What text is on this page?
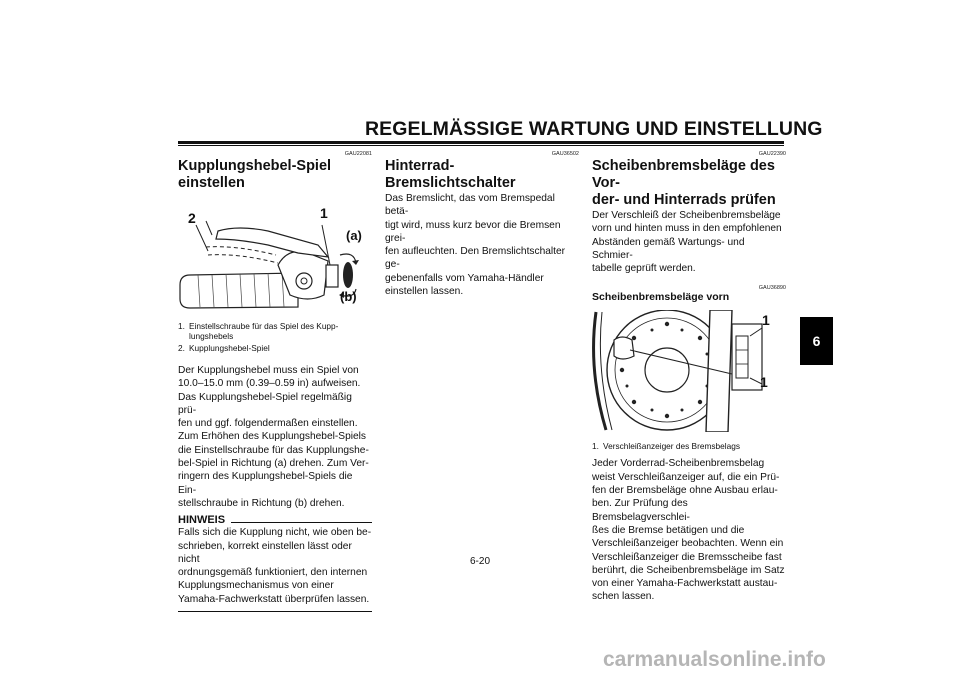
REGELMÄSSIGE WARTUNG UND EINSTELLUNG
6
GAU22081
Kupplungshebel-Spiel einstellen
2	1
(a)
(b)
1. Einstellschraube für das Spiel des Kupp-
lungshebels
2. Kupplungshebel-Spiel

Der Kupplungshebel muss ein Spiel von

10.0–15.0 mm (0.39–0.59 in) aufweisen.

Das Kupplungshebel-Spiel regelmäßig prü-

fen und ggf. folgendermaßen einstellen.

Zum Erhöhen des Kupplungshebel-Spiels

die Einstellschraube für das Kupplungshe-

bel-Spiel in Richtung (a) drehen. Zum Ver-

ringern des Kupplungshebel-Spiels die Ein-

stellschraube in Richtung (b) drehen.

HINWEIS

Falls sich die Kupplung nicht, wie oben be-

schrieben, korrekt einstellen lässt oder nicht

ordnungsgemäß funktioniert, den internen

Kupplungsmechanismus von einer

Yamaha-Fachwerkstatt überprüfen lassen.

GAU36502
Hinterrad-Bremslichtschalter

Das Bremslicht, das vom Bremspedal betä-

tigt wird, muss kurz bevor die Bremsen grei-

fen aufleuchten. Den Bremslichtschalter ge-

gebenenfalls vom Yamaha-Händler

einstellen lassen.

GAU22390
Scheibenbremsbeläge des Vor-
der- und Hinterrads prüfen

Der Verschleiß der Scheibenbremsbeläge

vorn und hinten muss in den empfohlenen

Abständen gemäß Wartungs- und Schmier-

tabelle geprüft werden.

GAU36890
Scheibenbremsbeläge vorn
1
1
1. Verschleißanzeiger des Bremsbelags

Jeder Vorderrad-Scheibenbremsbelag

weist Verschleißanzeiger auf, die ein Prü-

fen der Bremsbeläge ohne Ausbau erlau-

ben. Zur Prüfung des Bremsbelagverschlei-

ßes die Bremse betätigen und die

Verschleißanzeiger beobachten. Wenn ein

Verschleißanzeiger die Bremsscheibe fast

berührt, die Scheibenbremsbeläge im Satz

von einer Yamaha-Fachwerkstatt austau-

schen lassen.

6-20
carmanualsonline.info
